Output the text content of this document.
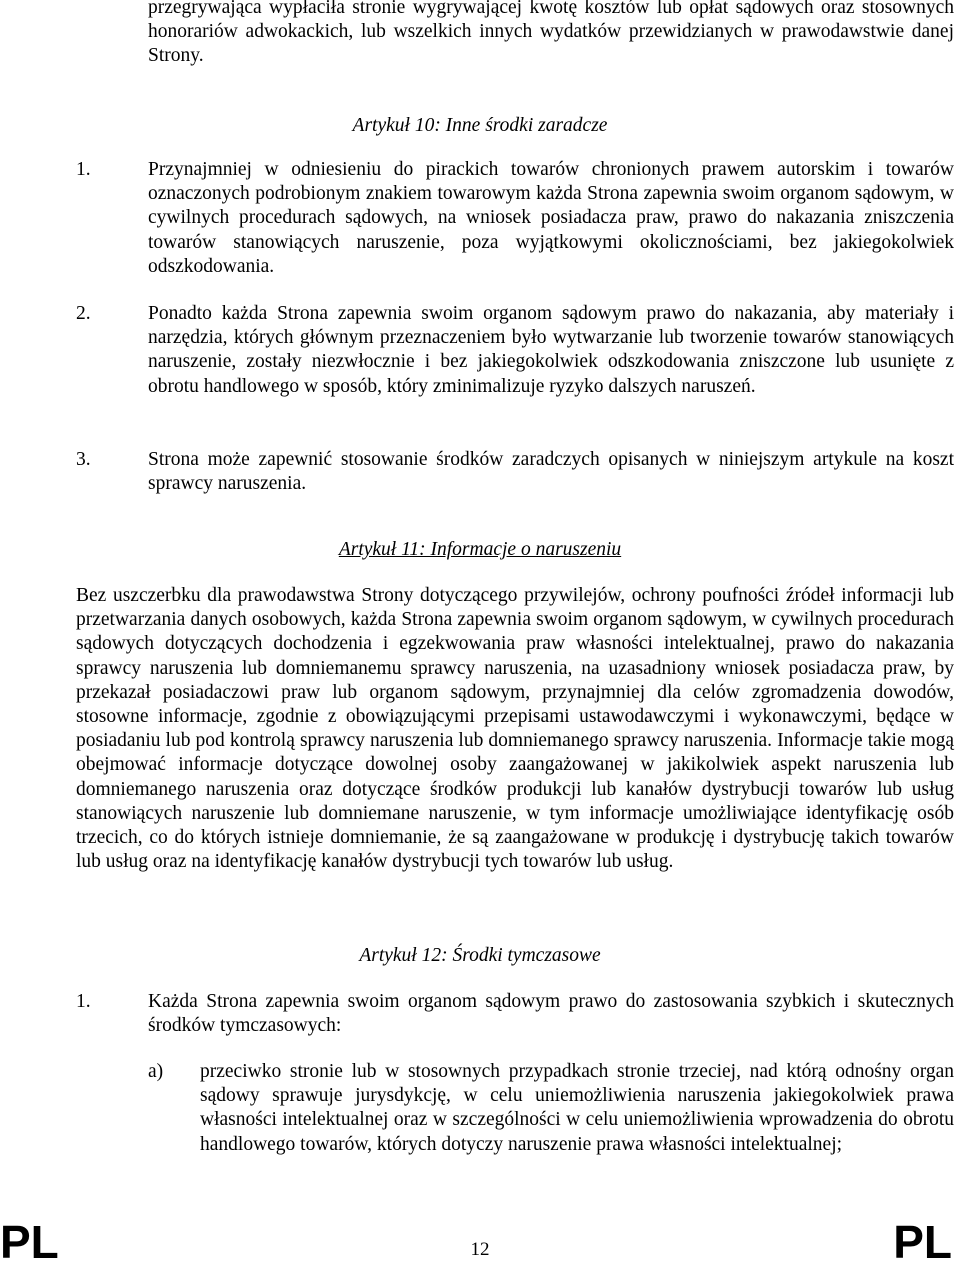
przegrywająca wypłaciła stronie wygrywającej kwotę kosztów lub opłat sądowych oraz stosownych honorariów adwokackich, lub wszelkich innych wydatków przewidzianych w prawodawstwie danej Strony.

Artykuł 10: Inne środki zaradcze
1.	Przynajmniej w odniesieniu do pirackich towarów chronionych prawem autorskim i towarów oznaczonych podrobionym znakiem towarowym każda Strona zapewnia swoim organom sądowym, w cywilnych procedurach sądowych, na wniosek posiadacza praw, prawo do nakazania zniszczenia towarów stanowiących naruszenie, poza wyjątkowymi okolicznościami, bez jakiegokolwiek odszkodowania.

2.	Ponadto każda Strona zapewnia swoim organom sądowym prawo do nakazania, aby materiały i narzędzia, których głównym przeznaczeniem było wytwarzanie lub tworzenie towarów stanowiących naruszenie, zostały niezwłocznie i bez jakiegokolwiek odszkodowania zniszczone lub usunięte z obrotu handlowego w sposób, który zminimalizuje ryzyko dalszych naruszeń.

3.	Strona może zapewnić stosowanie środków zaradczych opisanych w niniejszym artykule na koszt sprawcy naruszenia.

Artykuł 11: Informacje o naruszeniu

Bez uszczerbku dla prawodawstwa Strony dotyczącego przywilejów, ochrony poufności źródeł informacji lub przetwarzania danych osobowych, każda Strona zapewnia swoim organom sądowym, w cywilnych procedurach sądowych dotyczących dochodzenia i egzekwowania praw własności intelektualnej, prawo do nakazania sprawcy naruszenia lub domniemanemu sprawcy naruszenia, na uzasadniony wniosek posiadacza praw, by przekazał posiadaczowi praw lub organom sądowym, przynajmniej dla celów zgromadzenia dowodów, stosowne informacje, zgodnie z obowiązującymi przepisami ustawodawczymi i wykonawczymi, będące w posiadaniu lub pod kontrolą sprawcy naruszenia lub domniemanego sprawcy naruszenia. Informacje takie mogą obejmować informacje dotyczące dowolnej osoby zaangażowanej w jakikolwiek aspekt naruszenia lub domniemanego naruszenia oraz dotyczące środków produkcji lub kanałów dystrybucji towarów lub usług stanowiących naruszenie lub domniemane naruszenie, w tym informacje umożliwiające identyfikację osób trzecich, co do których istnieje domniemanie, że są zaangażowane w produkcję i dystrybucję takich towarów lub usług oraz na identyfikację kanałów dystrybucji tych towarów lub usług.

Artykuł 12: Środki tymczasowe
1.	Każda Strona zapewnia swoim organom sądowym prawo do zastosowania szybkich i skutecznych środków tymczasowych:

a) przeciwko stronie lub w stosownych przypadkach stronie trzeciej, nad którą odnośny organ sądowy sprawuje jurysdykcję, w celu uniemożliwienia naruszenia jakiegokolwiek prawa własności intelektualnej oraz w szczególności w celu uniemożliwienia wprowadzenia do obrotu handlowego towarów, których dotyczy naruszenie prawa własności intelektualnej;

PL	12	PL
